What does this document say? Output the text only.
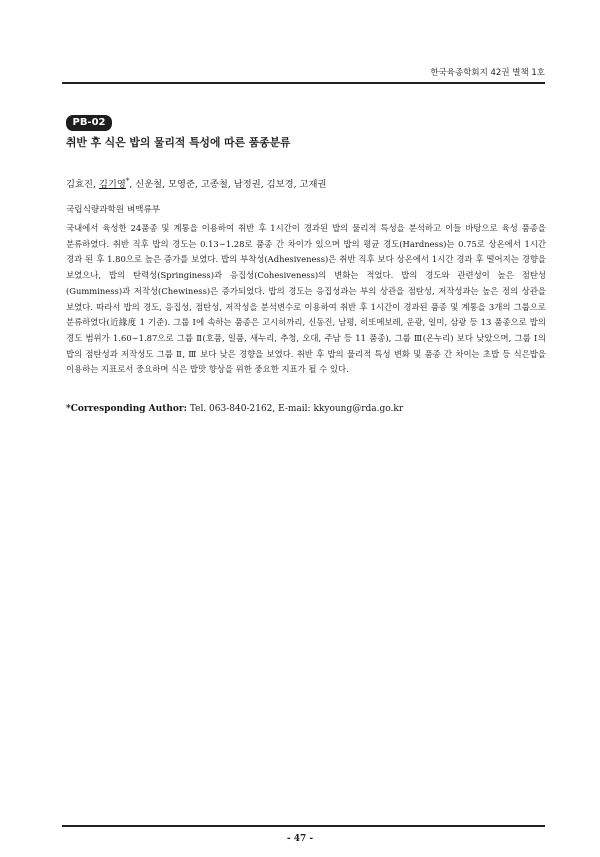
한국육종학회지 42권 별책 1호
PB-02
취반 후 식은 밥의 물리적 특성에 따른 품종분류
김효진, 김기영*, 신운철, 모영준, 고종철, 남정권, 김보경, 고재권
국립식량과학원 벼맥류부

국내에서 육성한 24품종 및 계통을 이용하여 취반 후 1시간이 경과된 밥의 물리적 특성을 분석하고 이들 바탕으로 육성 품종을 분류하였다. 취반 직후 밥의 경도는 0.13∼1.28로 품종 간 차이가 있으며 밥의 평균 경도(Hardness)는 0.75로 상온에서 1시간 경과 된 후 1.80으로 높은 증가를 보였다. 밥의 부착성(Adhesiveness)은 취반 직후 보다 상온에서 1시간 경과 후 떨어지는 경향을 보였으나, 밥의 탄력성(Springiness)과 응집성(Cohesiveness)의 변화는 적었다. 밥의 경도와 관련성이 높은 점탄성(Gumminess)과 저작성(Chewiness)은 증가되었다. 밥의 경도는 응집성과는 부의 상관을 점탄성, 저작성과는 높은 정의 상관을 보였다. 따라서 밥의 경도, 응집성, 점탄성, 저작성을 분석변수로 이용하여 취반 후 1시간이 경과된 품종 및 계통을 3개의 그룹으로 분류하였다(近緣度 1 기준). 그룹 Ⅰ에 속하는 품종은 고시히까리, 신동진, 남평, 히또메보레, 운광, 일미, 삼광 등 13 품종으로 밥의 경도 범위가 1.60∼1.87으로 그룹 Ⅱ(호품, 일품, 새누리, 추청, 오대, 주남 등 11 품종), 그룹 Ⅲ(온누리) 보다 낮았으며, 그룹 Ⅰ의 밥의 점탄성과 저작성도 그룹 Ⅱ, Ⅲ 보다 낮은 경향을 보였다. 취반 후 밥의 물리적 특성 변화 및 품종 간 차이는 초밥 등 식은밥을 이용하는 지표로서 중요하며 식은 밥맛 향상을 위한 중요한 지표가 될 수 있다.

*Corresponding Author: Tel. 063-840-2162, E-mail: kkyoung@rda.go.kr
- 47 -
